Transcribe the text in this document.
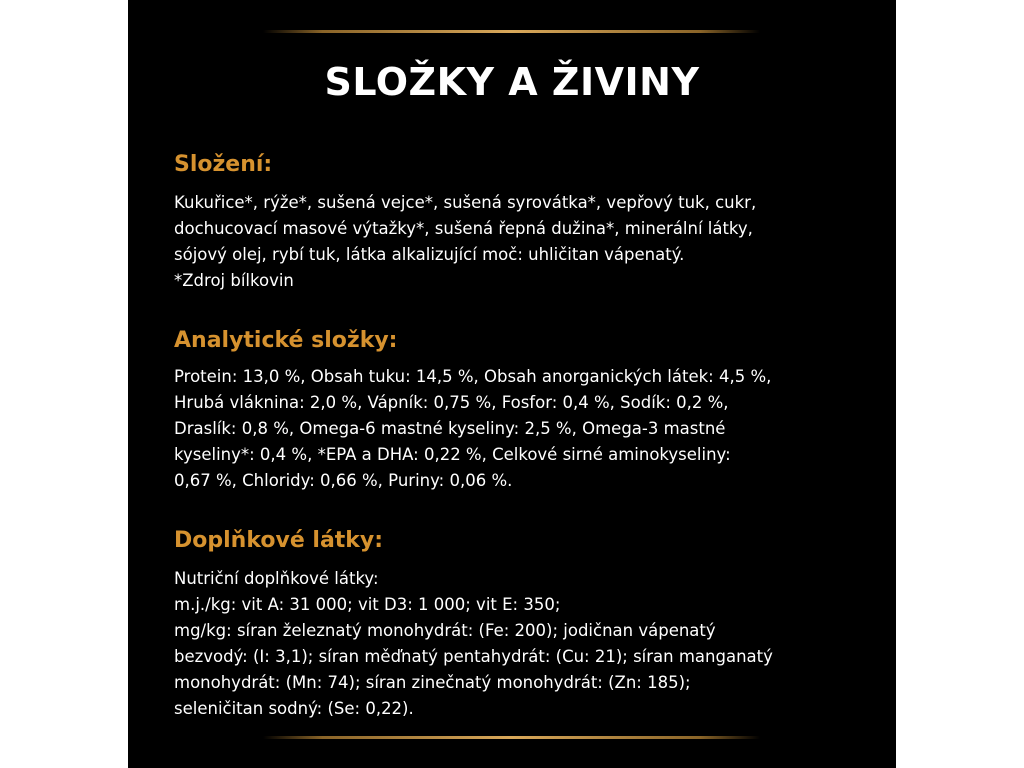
SLOŽKY A ŽIVINY
Složení:

Kukuřice*, rýže*, sušená vejce*, sušená syrovátka*, vepřový tuk, cukr,
dochucovací masové výtažky*, sušená řepná dužina*, minerální látky,
sójový olej, rybí tuk, látka alkalizující moč: uhličitan vápenatý.
*Zdroj bílkovin

Analytické složky:

Protein: 13,0 %, Obsah tuku: 14,5 %, Obsah anorganických látek: 4,5 %,
Hrubá vláknina: 2,0 %, Vápník: 0,75 %, Fosfor: 0,4 %, Sodík: 0,2 %,
Draslík: 0,8 %, Omega-6 mastné kyseliny: 2,5 %, Omega-3 mastné
kyseliny*: 0,4 %, *EPA a DHA: 0,22 %, Celkové sirné aminokyseliny:
0,67 %, Chloridy: 0,66 %, Puriny: 0,06 %.

Doplňkové látky:

Nutriční doplňkové látky:
m.j./kg: vit A: 31 000; vit D3: 1 000; vit E: 350;
mg/kg: síran železnatý monohydrát: (Fe: 200); jodičnan vápenatý
bezvodý: (I: 3,1); síran měďnatý pentahydrát: (Cu: 21); síran manganatý
monohydrát: (Mn: 74); síran zinečnatý monohydrát: (Zn: 185);
seleničitan sodný: (Se: 0,22).
